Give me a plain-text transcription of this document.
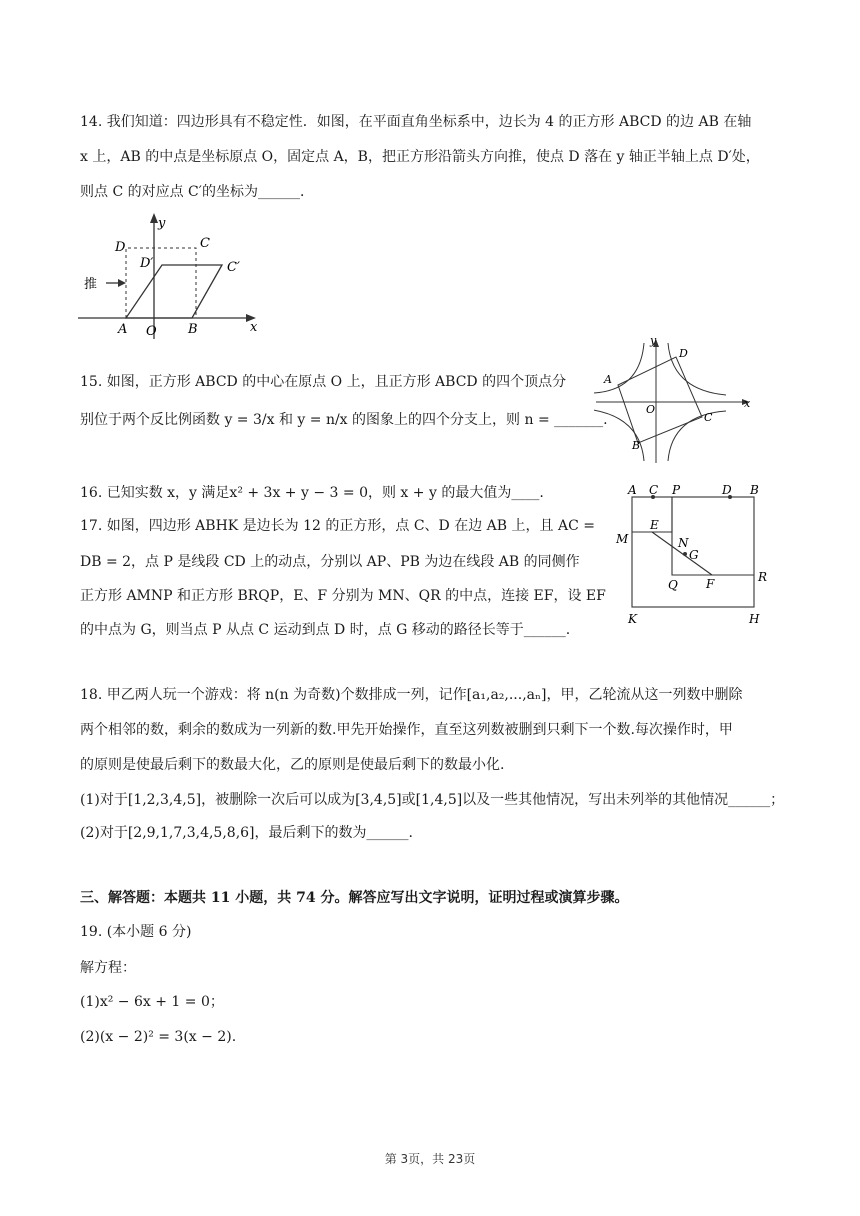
14. 我们知道：四边形具有不稳定性．如图，在平面直角坐标系中，边长为 4 的正方形 ABCD 的边 AB 在轴
x 上，AB 的中点是坐标原点 O，固定点 A，B，把正方形沿箭头方向推，使点 D 落在 y 轴正半轴上点 D′处，
则点 C 的对应点 C′的坐标为______．
y
x
D	C
D′	C′
推
A O B
15. 如图，正方形 ABCD 的中心在原点 O 上，且正方形 ABCD 的四个顶点分
别位于两个反比例函数 y = 3/x 和 y = n/x 的图象上的四个分支上，则 n = _______.
A
D
C
B
O
y
x
16. 已知实数 x，y 满足x² + 3x + y − 3 = 0，则 x + y 的最大值为____.
17. 如图，四边形 ABHK 是边长为 12 的正方形，点 C、D 在边 AB 上，且 AC =
DB = 2，点 P 是线段 CD 上的动点，分别以 AP、PB 为边在线段 AB 的同侧作
正方形 AMNP 和正方形 BRQP，E、F 分别为 MN、QR 的中点，连接 EF，设 EF
的中点为 G，则当点 P 从点 C 运动到点 D 时，点 G 移动的路径长等于______.
A C P	D B
M
E
N
G
Q F	R
K	H
18. 甲乙两人玩一个游戏：将 n(n 为奇数)个数排成一列，记作[a₁,a₂,...,aₙ]，甲，乙轮流从这一列数中删除
两个相邻的数，剩余的数成为一列新的数.甲先开始操作，直至这列数被删到只剩下一个数.每次操作时，甲
的原则是使最后剩下的数最大化，乙的原则是使最后剩下的数最小化.
(1)对于[1,2,3,4,5]，被删除一次后可以成为[3,4,5]或[1,4,5]以及一些其他情况，写出未列举的其他情况______；
(2)对于[2,9,1,7,3,4,5,8,6]，最后剩下的数为______.
三、解答题：本题共 11 小题，共 74 分。解答应写出文字说明，证明过程或演算步骤。
19. (本小题 6 分)
解方程：
(1)x² − 6x + 1 = 0；
(2)(x − 2)² = 3(x − 2).
第 3页，共 23页
